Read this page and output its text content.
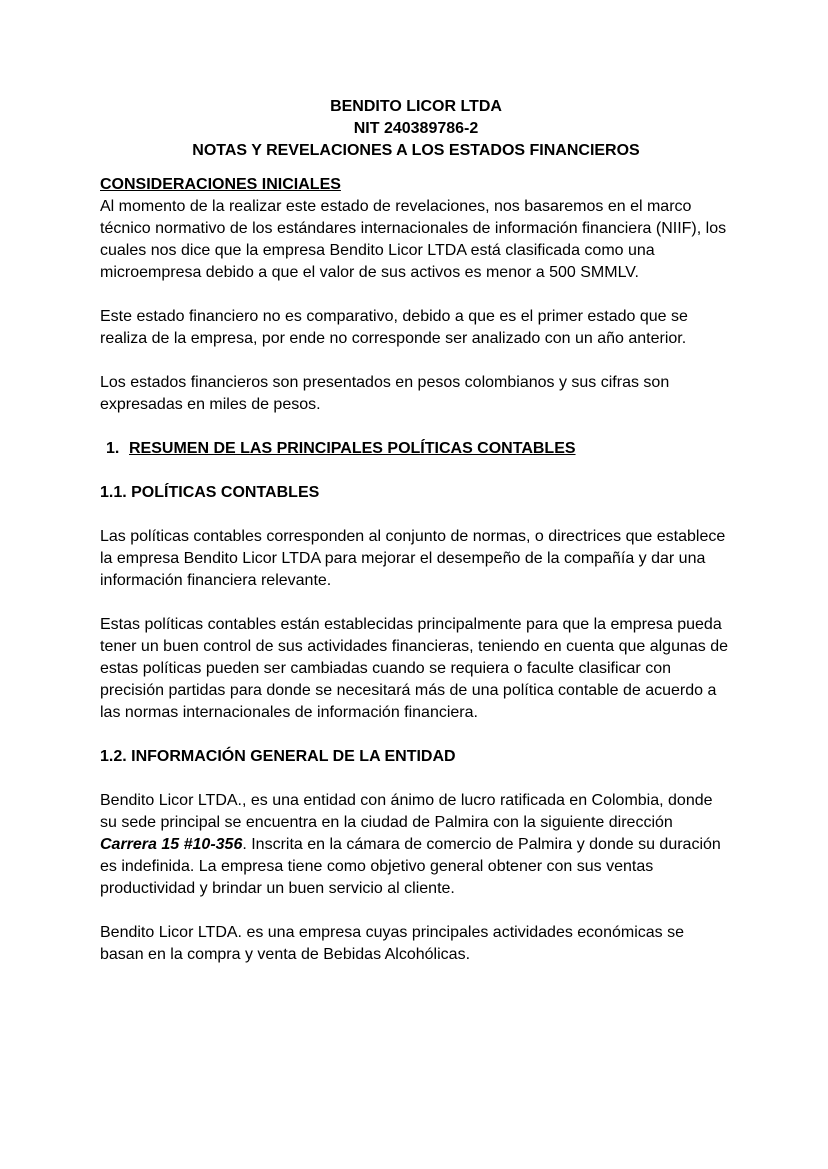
BENDITO LICOR LTDA
NIT 240389786-2
NOTAS Y REVELACIONES A LOS ESTADOS FINANCIEROS
CONSIDERACIONES INICIALES

Al momento de la realizar este estado de revelaciones, nos basaremos en el marco técnico normativo de los estándares internacionales de información financiera (NIIF), los cuales nos dice que la empresa Bendito Licor LTDA está clasificada como una microempresa debido a que el valor de sus activos es menor a 500 SMMLV.

Este estado financiero no es comparativo, debido a que es el primer estado que se realiza de la empresa, por ende no corresponde ser analizado con un año anterior.

Los estados financieros son presentados en pesos colombianos y sus cifras son expresadas en miles de pesos.

1. RESUMEN DE LAS PRINCIPALES POLÍTICAS CONTABLES
1.1. POLÍTICAS CONTABLES

Las políticas contables corresponden al conjunto de normas, o directrices que establece la empresa Bendito Licor LTDA para mejorar el desempeño de la compañía y dar una información financiera relevante.

Estas políticas contables están establecidas principalmente para que la empresa pueda tener un buen control de sus actividades financieras, teniendo en cuenta que algunas de estas políticas pueden ser cambiadas cuando se requiera o faculte clasificar con precisión partidas para donde se necesitará más de una política contable de acuerdo a las normas internacionales de información financiera.

1.2. INFORMACIÓN GENERAL DE LA ENTIDAD

Bendito Licor LTDA., es una entidad con ánimo de lucro ratificada en Colombia, donde su sede principal se encuentra en la ciudad de Palmira con la siguiente dirección Carrera 15 #10-356. Inscrita en la cámara de comercio de Palmira y donde su duración es indefinida. La empresa tiene como objetivo general obtener con sus ventas productividad y brindar un buen servicio al cliente.

Bendito Licor LTDA. es una empresa cuyas principales actividades económicas se basan en la compra y venta de Bebidas Alcohólicas.
